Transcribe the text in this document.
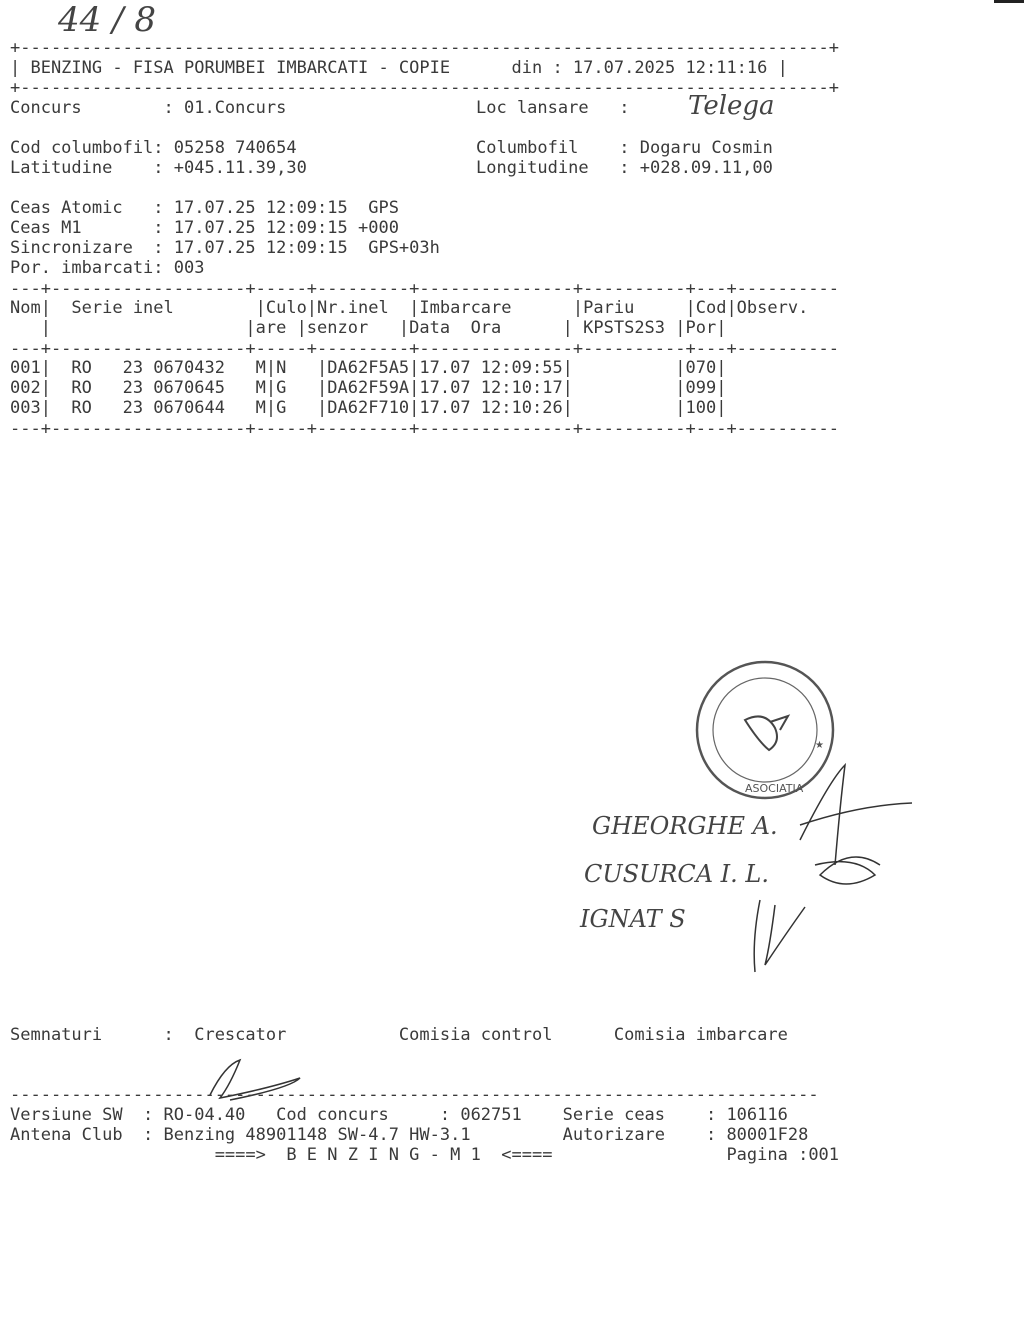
44 / 8
+-------------------------------------------------------------------------------+
| BENZING - FISA PORUMBEI IMBARCATI - COPIE      din : 17.07.2025 12:11:16 |
+-------------------------------------------------------------------------------+
Concurs        : 01.Concurs	Loc lansare   : Telega
Cod columbofil: 05258 740654	Columbofil    : Dogaru Cosmin
Latitudine    : +045.11.39,30	Longitudine   : +028.09.11,00
Ceas Atomic   : 17.07.25 12:09:15  GPS
Ceas M1       : 17.07.25 12:09:15 +000
Sincronizare  : 17.07.25 12:09:15  GPS+03h
Por. imbarcati: 003
---+-------------------+-----+---------+---------------+----------+---+----------
Nom|  Serie inel        |Culo|Nr.inel  |Imbarcare      |Pariu     |Cod|Observ.
|                   |are |senzor   |Data  Ora      | KPSTS2S3 |Por|
---+-------------------+-----+---------+---------------+----------+---+----------
001|  RO   23 0670432   M|N   |DA62F5A5|17.07 12:09:55|          |070|
002|  RO   23 0670645   M|G   |DA62F59A|17.07 12:10:17|          |099|
003|  RO   23 0670644   M|G   |DA62F710|17.07 12:10:26|          |100|
---+-------------------+-----+---------+---------------+----------+---+----------
★
ASOCIATIA
GHEORGHE A.
CUSURCA I. L.
IGNAT S
Semnaturi      :  Crescator           Comisia control      Comisia imbarcare
-------------------------------------------------------------------------------
Versiune SW  : RO-04.40   Cod concurs     : 062751    Serie ceas    : 106116
Antena Club  : Benzing 48901148 SW-4.7 HW-3.1         Autorizare    : 80001F28
====>  B E N Z I N G - M 1  <====                 Pagina :001
